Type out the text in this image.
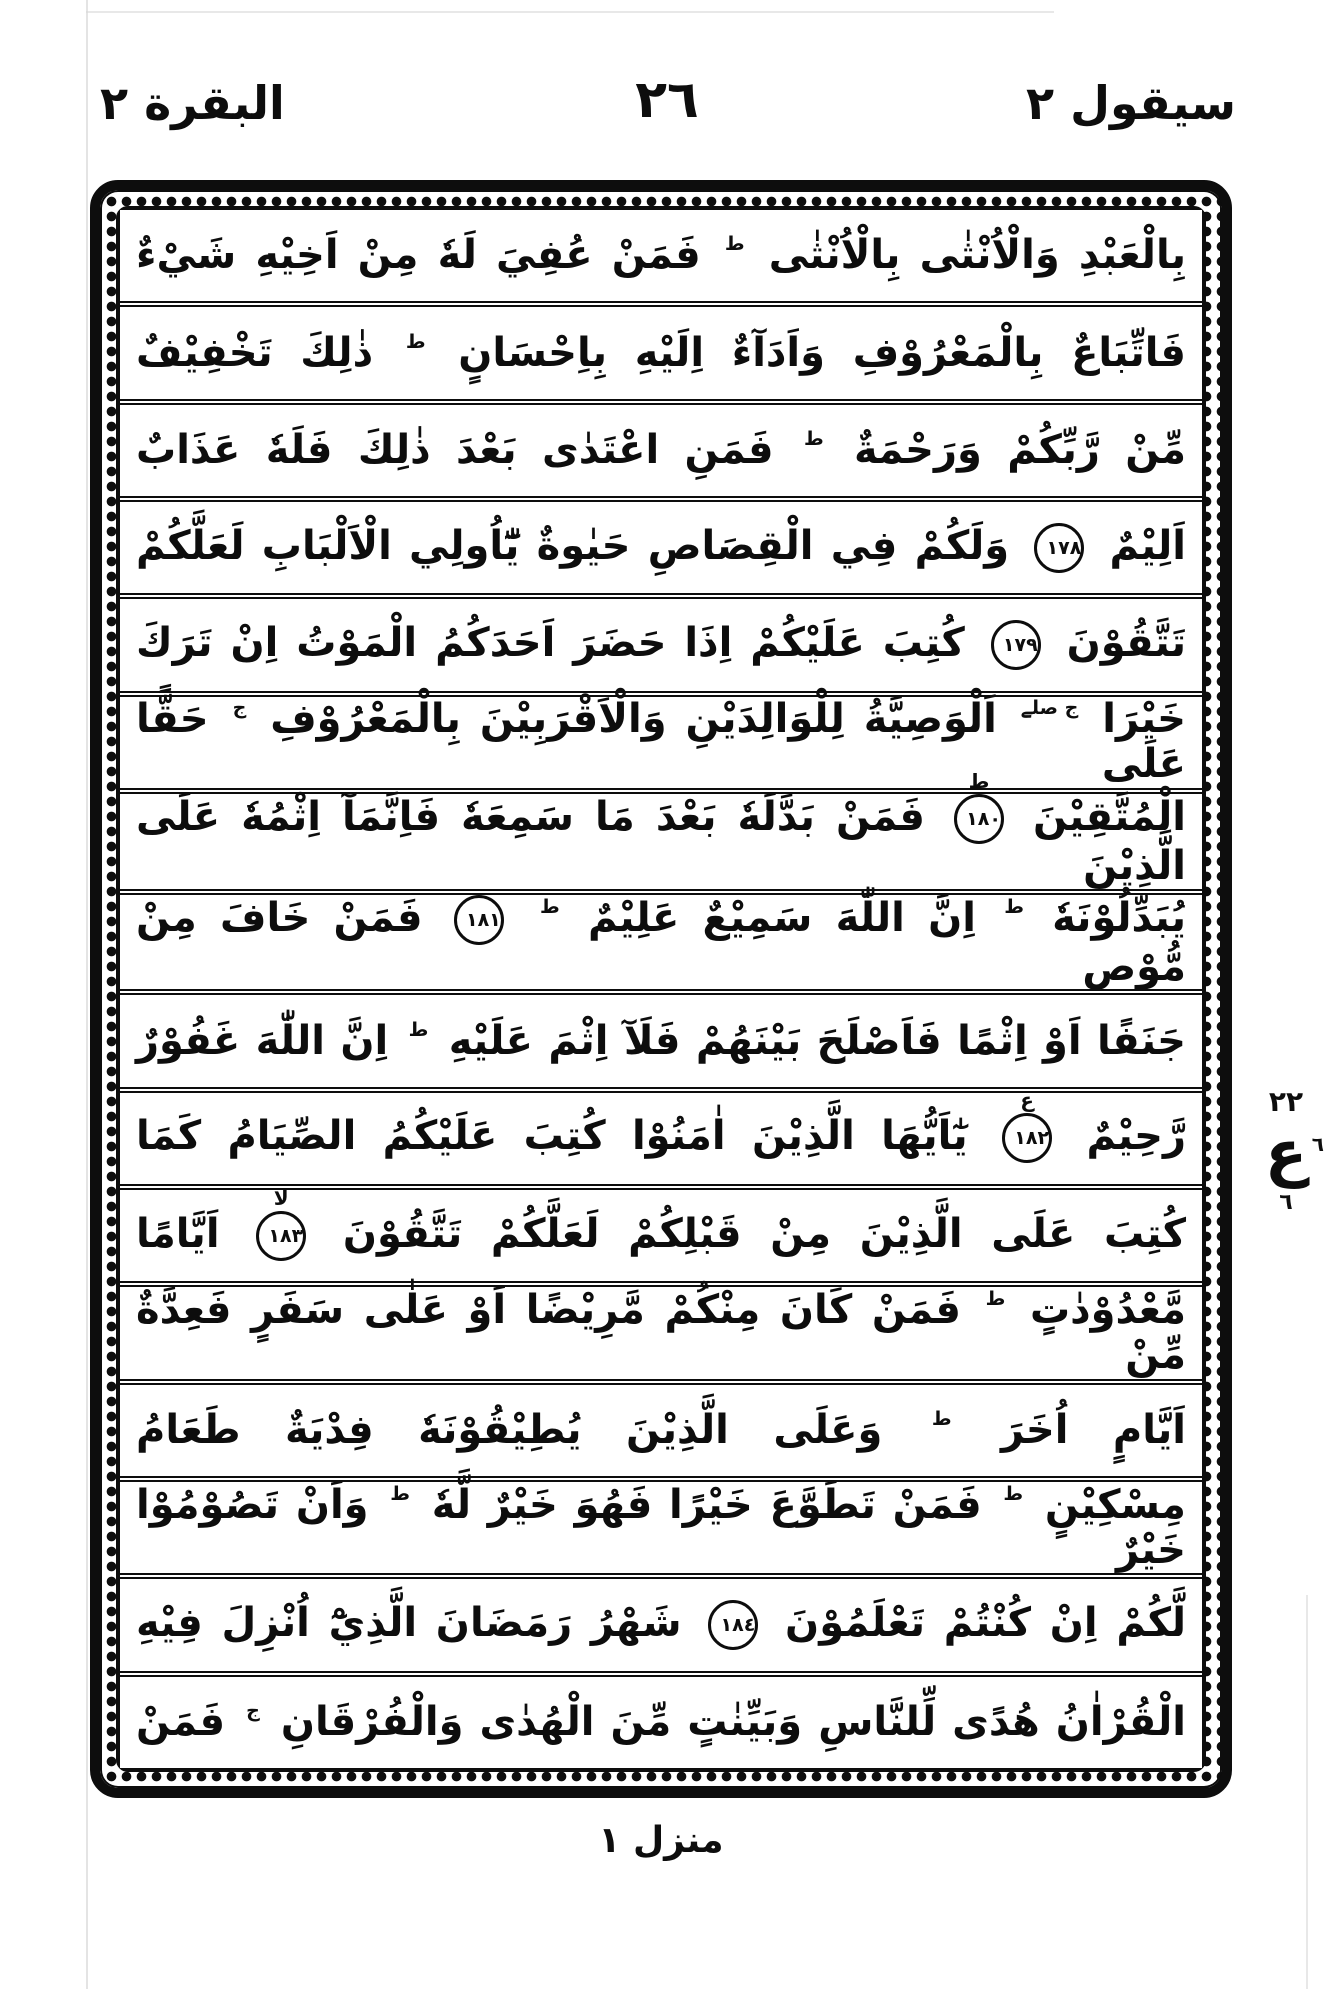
البقرة ٢	٢٦	سيقول ٢
بِالْعَبْدِ وَالْاُنْثٰى بِالْاُنْثٰى ط فَمَنْ عُفِيَ لَهٗ مِنْ اَخِيْهِ شَيْءٌ
فَاتِّبَاعٌ بِالْمَعْرُوْفِ وَاَدَآءٌ اِلَيْهِ بِاِحْسَانٍ ط ذٰلِكَ تَخْفِيْفٌ
مِّنْ رَّبِّكُمْ وَرَحْمَةٌ ط فَمَنِ اعْتَدٰى بَعْدَ ذٰلِكَ فَلَهٗ عَذَابٌ
اَلِيْمٌ
١٧٨
وَلَكُمْ فِي الْقِصَاصِ حَيٰوةٌ يّٰٓاُولِي الْاَلْبَابِ لَعَلَّكُمْ
تَتَّقُوْنَ
١٧٩
كُتِبَ عَلَيْكُمْ اِذَا حَضَرَ اَحَدَكُمُ الْمَوْتُ اِنْ تَرَكَ
خَيْرَا ج صلے اَلْوَصِيَّةُ لِلْوَالِدَيْنِ وَالْاَقْرَبِيْنَ بِالْمَعْرُوْفِ ج حَقًّا عَلَى
الْمُتَّقِيْنَ
١٨٠
ط
فَمَنْ بَدَّلَهٗ بَعْدَ مَا سَمِعَهٗ فَاِنَّمَآ اِثْمُهٗ عَلَى الَّذِيْنَ
يُبَدِّلُوْنَهٗ ط اِنَّ اللّٰهَ سَمِيْعٌ عَلِيْمٌ ط
١٨١
فَمَنْ خَافَ مِنْ مُّوْصٍ
جَنَفًا اَوْ اِثْمًا فَاَصْلَحَ بَيْنَهُمْ فَلَآ اِثْمَ عَلَيْهِ ط اِنَّ اللّٰهَ غَفُوْرٌ
رَّحِيْمٌ
١٨٢
ع
يٰٓاَيُّهَا الَّذِيْنَ اٰمَنُوْا كُتِبَ عَلَيْكُمُ الصِّيَامُ كَمَا
كُتِبَ عَلَى الَّذِيْنَ مِنْ قَبْلِكُمْ لَعَلَّكُمْ تَتَّقُوْنَ
١٨٣
لا
اَيَّامًا
مَّعْدُوْدٰتٍ ط فَمَنْ كَانَ مِنْكُمْ مَّرِيْضًا اَوْ عَلٰى سَفَرٍ فَعِدَّةٌ مِّنْ
اَيَّامٍ اُخَرَ ط وَعَلَى الَّذِيْنَ يُطِيْقُوْنَهٗ فِدْيَةٌ طَعَامُ
مِسْكِيْنٍ ط فَمَنْ تَطَوَّعَ خَيْرًا فَهُوَ خَيْرٌ لَّهٗ ط وَاَنْ تَصُوْمُوْا خَيْرٌ
لَّكُمْ اِنْ كُنْتُمْ تَعْلَمُوْنَ
١٨٤
شَهْرُ رَمَضَانَ الَّذِيْٓ اُنْزِلَ فِيْهِ
الْقُرْاٰنُ هُدًى لِّلنَّاسِ وَبَيِّنٰتٍ مِّنَ الْهُدٰى وَالْفُرْقَانِ ج فَمَنْ
٢٢
ع ٦
٦
منزل ١
